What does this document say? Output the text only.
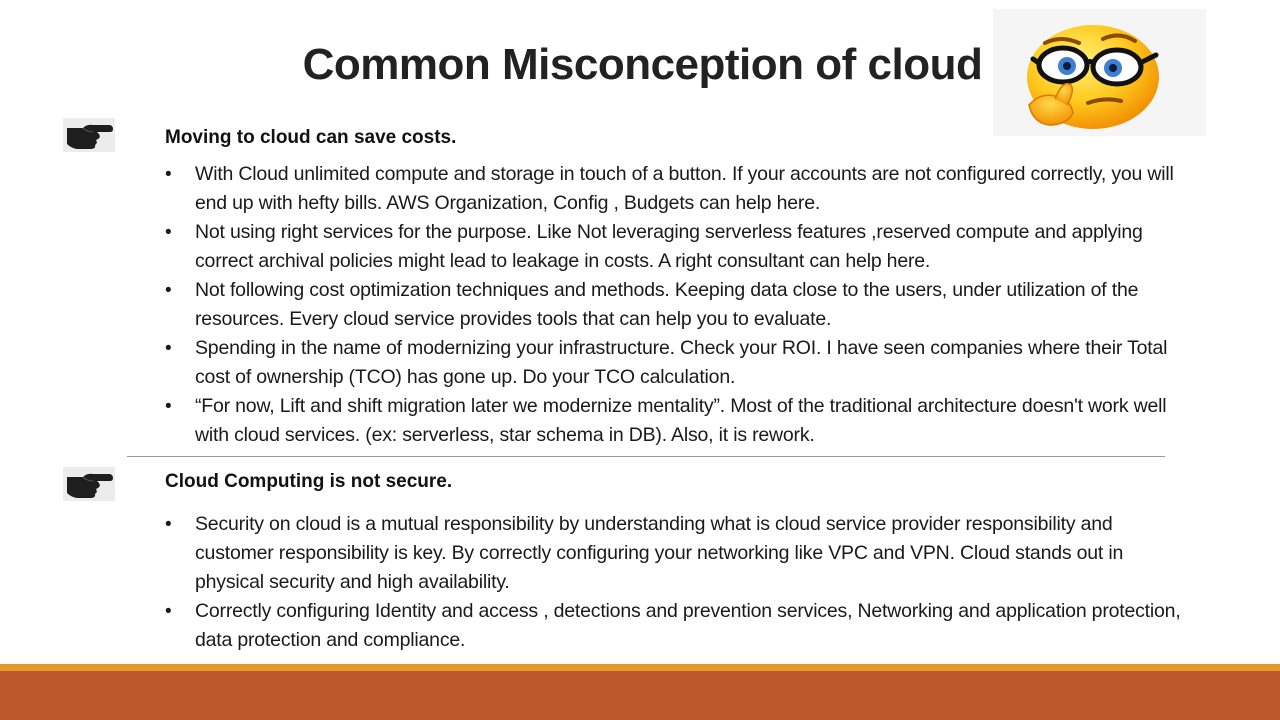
Common Misconception of cloud
Moving to cloud can save costs.
• With Cloud unlimited compute and storage in touch of a button. If your accounts are not configured correctly, you will end up with hefty bills. AWS Organization, Config , Budgets can help here.
• Not using right services for the purpose. Like Not leveraging serverless features ,reserved compute and applying correct archival policies might lead to leakage in costs. A right consultant can help here.
• Not following cost optimization techniques and methods. Keeping data close to the users, under utilization of the resources. Every cloud service provides tools that can help you to evaluate.
• Spending in the name of modernizing your infrastructure. Check your ROI. I have seen companies where their Total cost of ownership (TCO) has gone up. Do your TCO calculation.
• “For now, Lift and shift migration later we modernize mentality”. Most of the traditional architecture doesn't work well with cloud services. (ex: serverless, star schema in DB). Also, it is rework.
Cloud Computing is not secure.
• Security on cloud is a mutual responsibility by understanding what is cloud service provider responsibility and customer responsibility is key. By correctly configuring your networking like VPC and VPN. Cloud stands out in physical security and high availability.
• Correctly configuring Identity and access , detections and prevention services, Networking and application protection, data protection and compliance.
